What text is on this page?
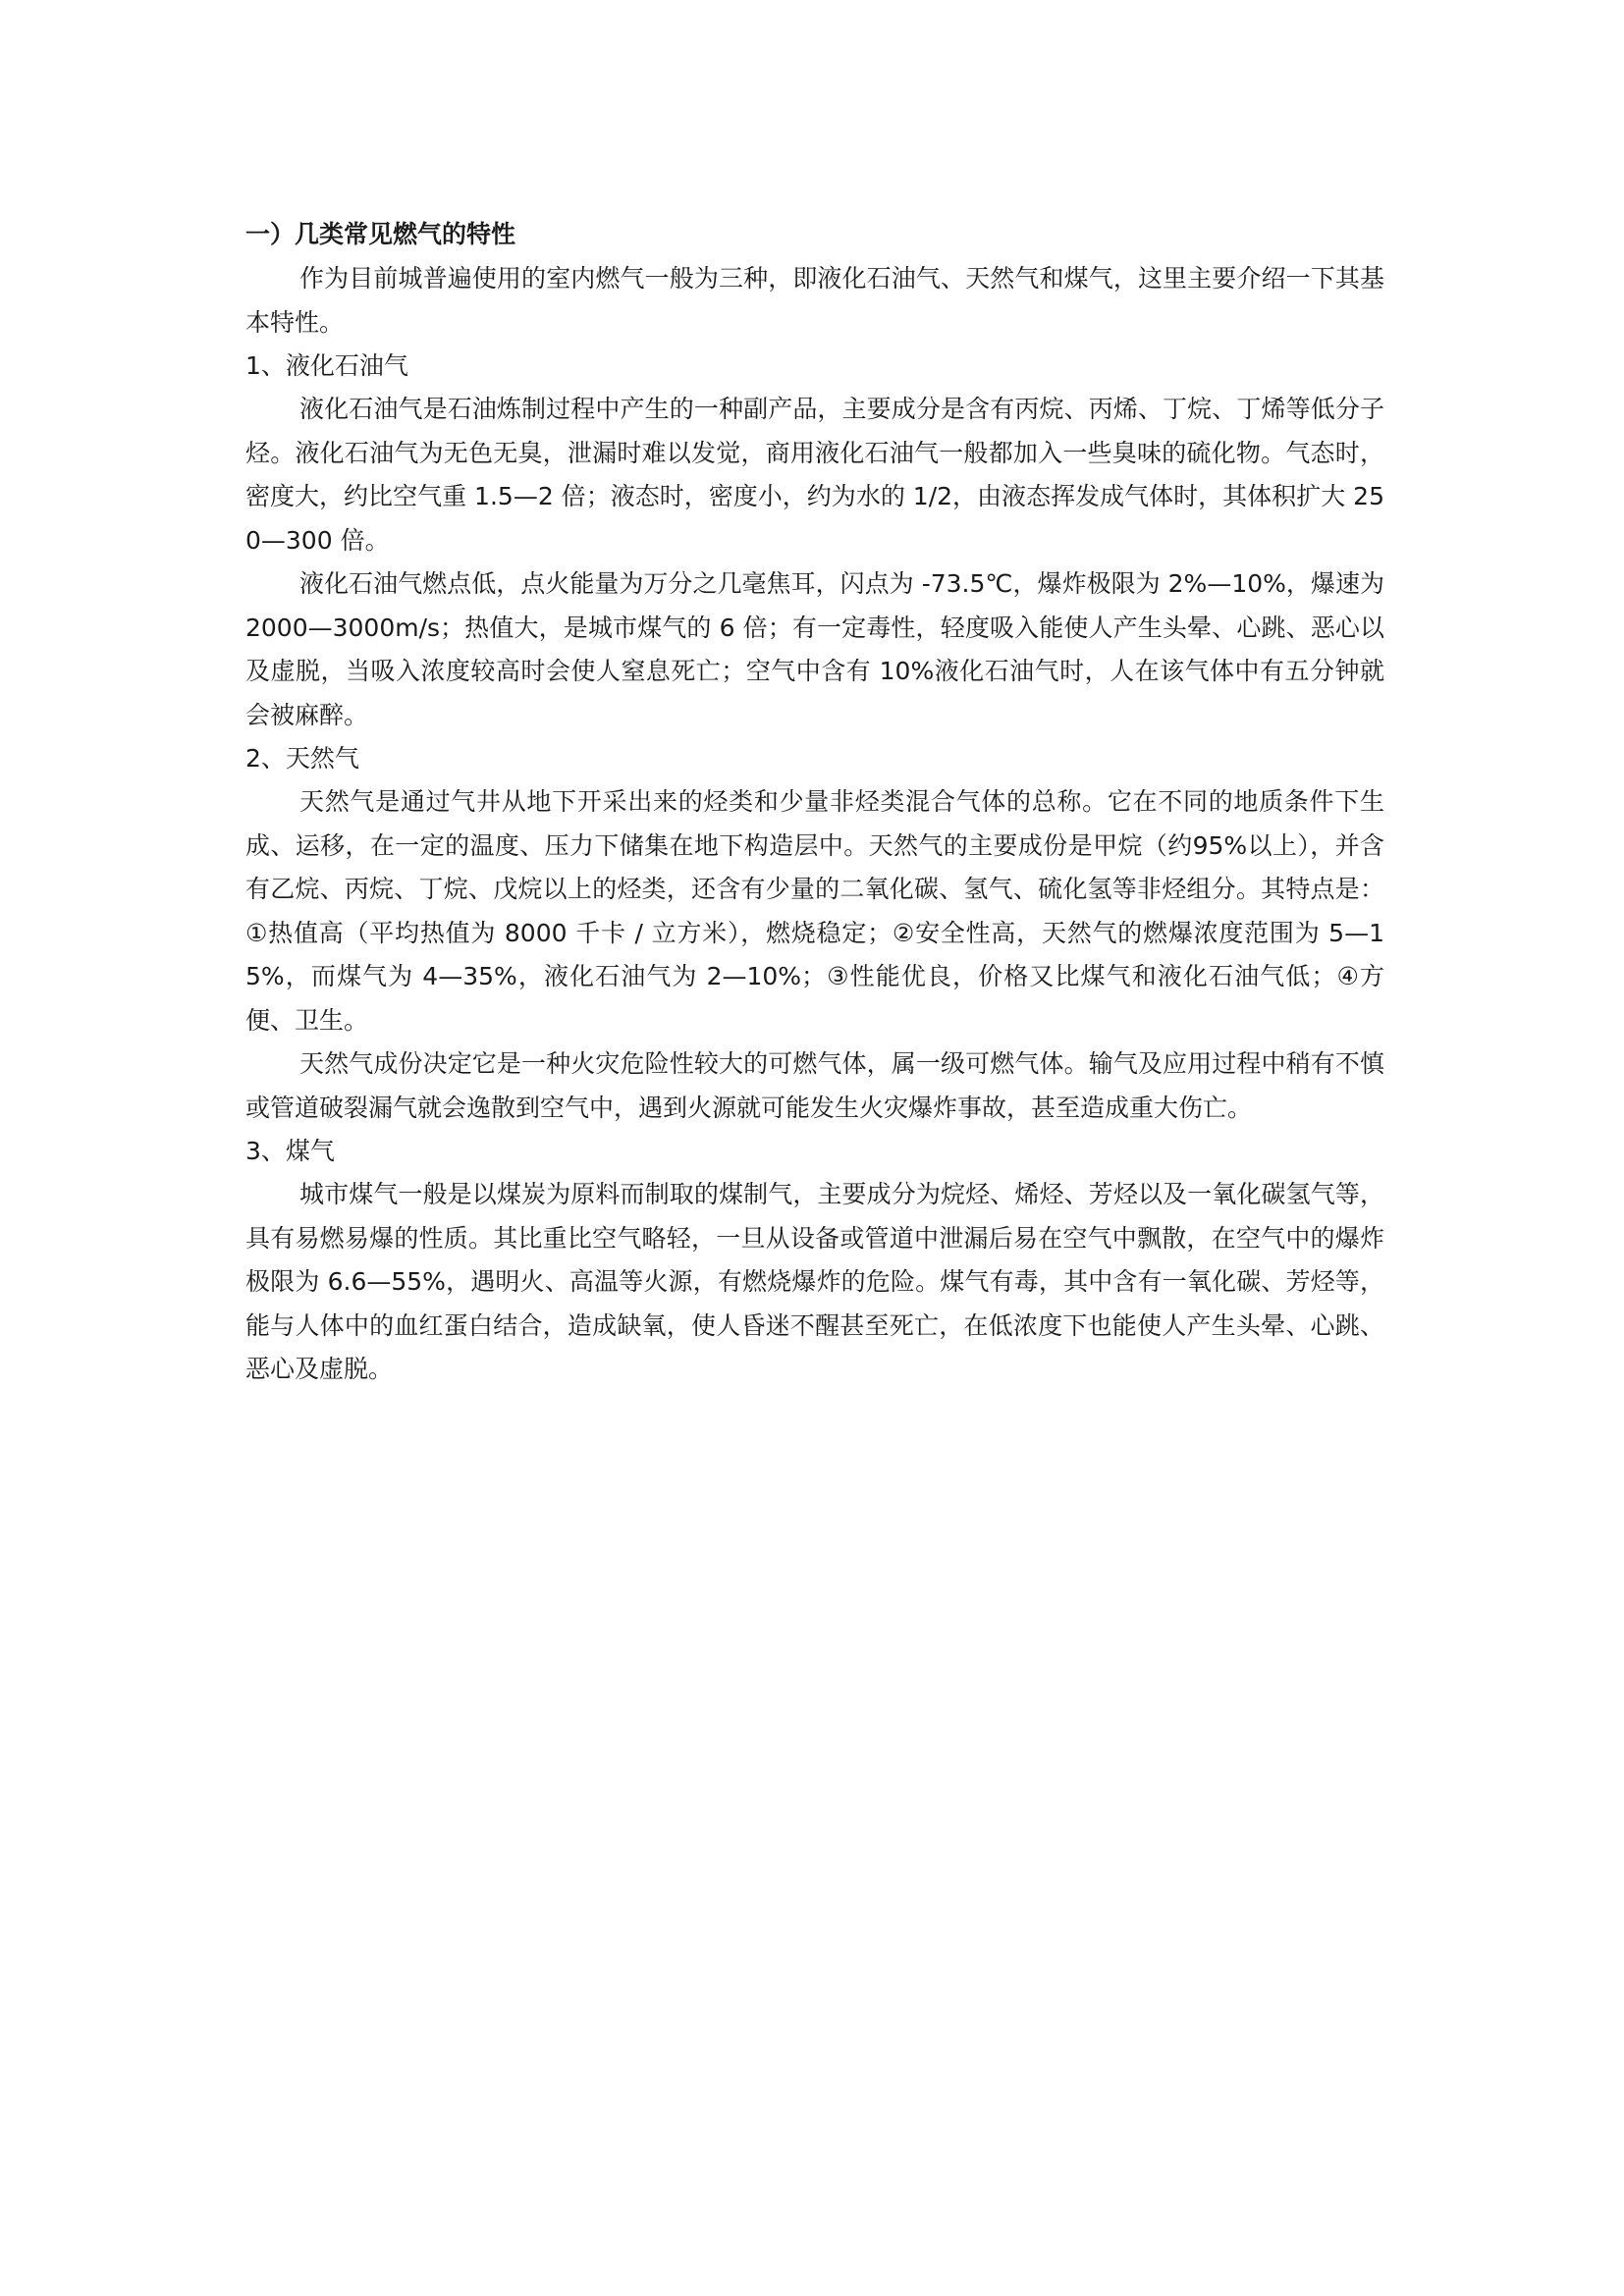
一）几类常见燃气的特性

作为目前城普遍使用的室内燃气一般为三种，即液化石油气、天然气和煤气，这里主要介绍一下其基本特性。

1、液化石油气

液化石油气是石油炼制过程中产生的一种副产品，主要成分是含有丙烷、丙烯、丁烷、丁烯等低分子烃。液化石油气为无色无臭，泄漏时难以发觉，商用液化石油气一般都加入一些臭味的硫化物。气态时，密度大，约比空气重 1.5—2 倍；液态时，密度小，约为水的 1/2，由液态挥发成气体时，其体积扩大 250—300 倍。

液化石油气燃点低，点火能量为万分之几毫焦耳，闪点为 -73.5℃，爆炸极限为 2%—10%，爆速为 2000—3000m/s；热值大，是城市煤气的 6 倍；有一定毒性，轻度吸入能使人产生头晕、心跳、恶心以及虚脱，当吸入浓度较高时会使人窒息死亡；空气中含有 10%液化石油气时，人在该气体中有五分钟就会被麻醉。

2、天然气

天然气是通过气井从地下开采出来的烃类和少量非烃类混合气体的总称。它在不同的地质条件下生成、运移，在一定的温度、压力下储集在地下构造层中。天然气的主要成份是甲烷（约95%以上），并含有乙烷、丙烷、丁烷、戊烷以上的烃类，还含有少量的二氧化碳、氢气、硫化氢等非烃组分。其特点是：①热值高（平均热值为 8000 千卡 / 立方米），燃烧稳定；②安全性高，天然气的燃爆浓度范围为 5—15%，而煤气为 4—35%，液化石油气为 2—10%；③性能优良，价格又比煤气和液化石油气低；④方便、卫生。

天然气成份决定它是一种火灾危险性较大的可燃气体，属一级可燃气体。输气及应用过程中稍有不慎或管道破裂漏气就会逸散到空气中，遇到火源就可能发生火灾爆炸事故，甚至造成重大伤亡。

3、煤气

城市煤气一般是以煤炭为原料而制取的煤制气，主要成分为烷烃、烯烃、芳烃以及一氧化碳氢气等，具有易燃易爆的性质。其比重比空气略轻，一旦从设备或管道中泄漏后易在空气中飘散，在空气中的爆炸极限为 6.6—55%，遇明火、高温等火源，有燃烧爆炸的危险。煤气有毒，其中含有一氧化碳、芳烃等，能与人体中的血红蛋白结合，造成缺氧，使人昏迷不醒甚至死亡，在低浓度下也能使人产生头晕、心跳、恶心及虚脱。
